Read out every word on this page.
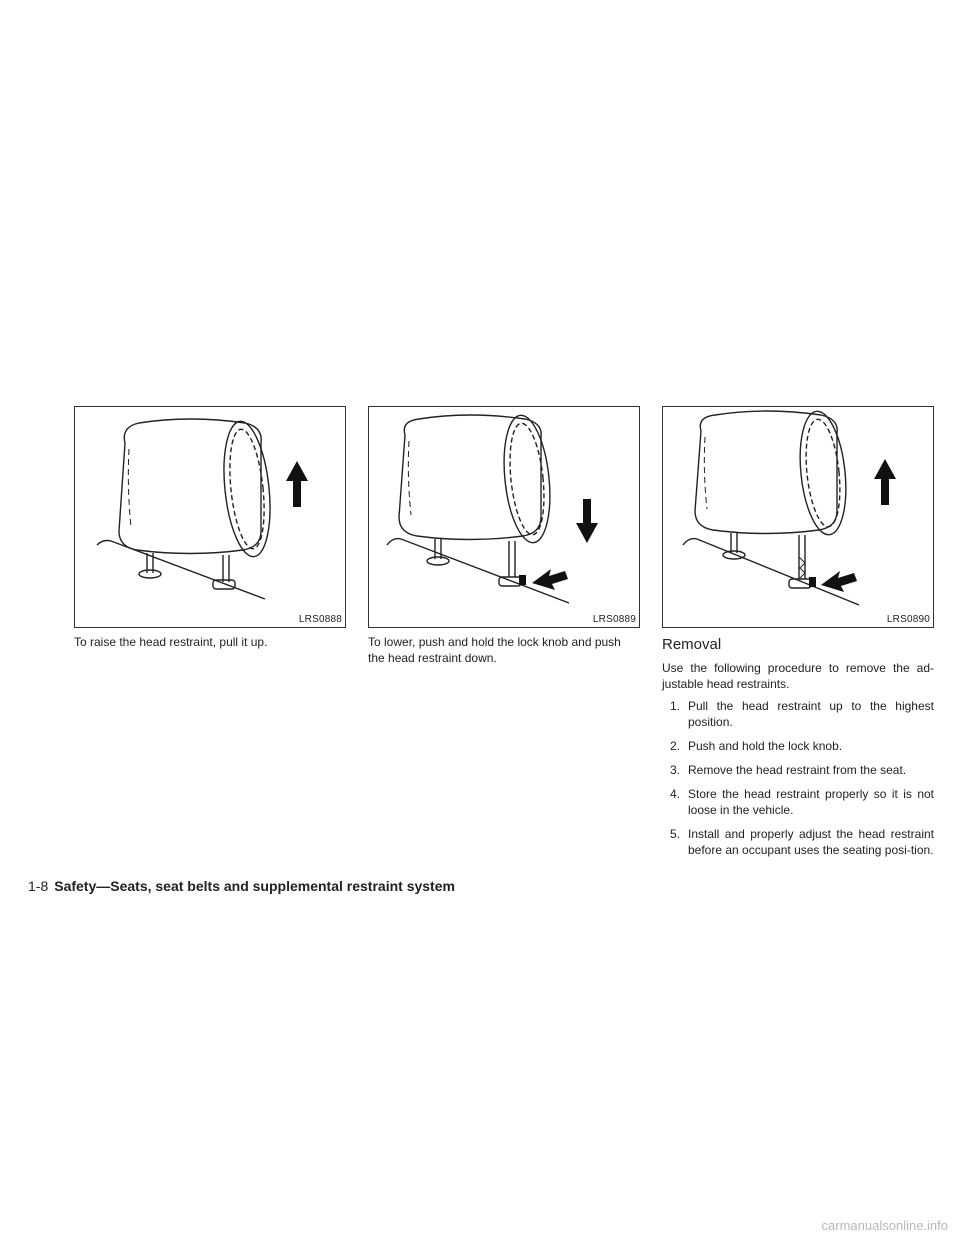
LRS0888	LRS0889	LRS0890
To raise the head restraint, pull it up.	To lower, push and hold the lock knob and push the head restraint down.
Removal
Use the following procedure to remove the ad-justable head restraints.
1. Pull the head restraint up to the highest position.
2. Push and hold the lock knob.
3. Remove the head restraint from the seat.
4. Store the head restraint properly so it is not loose in the vehicle.
5. Install and properly adjust the head restraint before an occupant uses the seating posi-tion.
1-8 Safety—Seats, seat belts and supplemental restraint system
carmanualsonline.info
